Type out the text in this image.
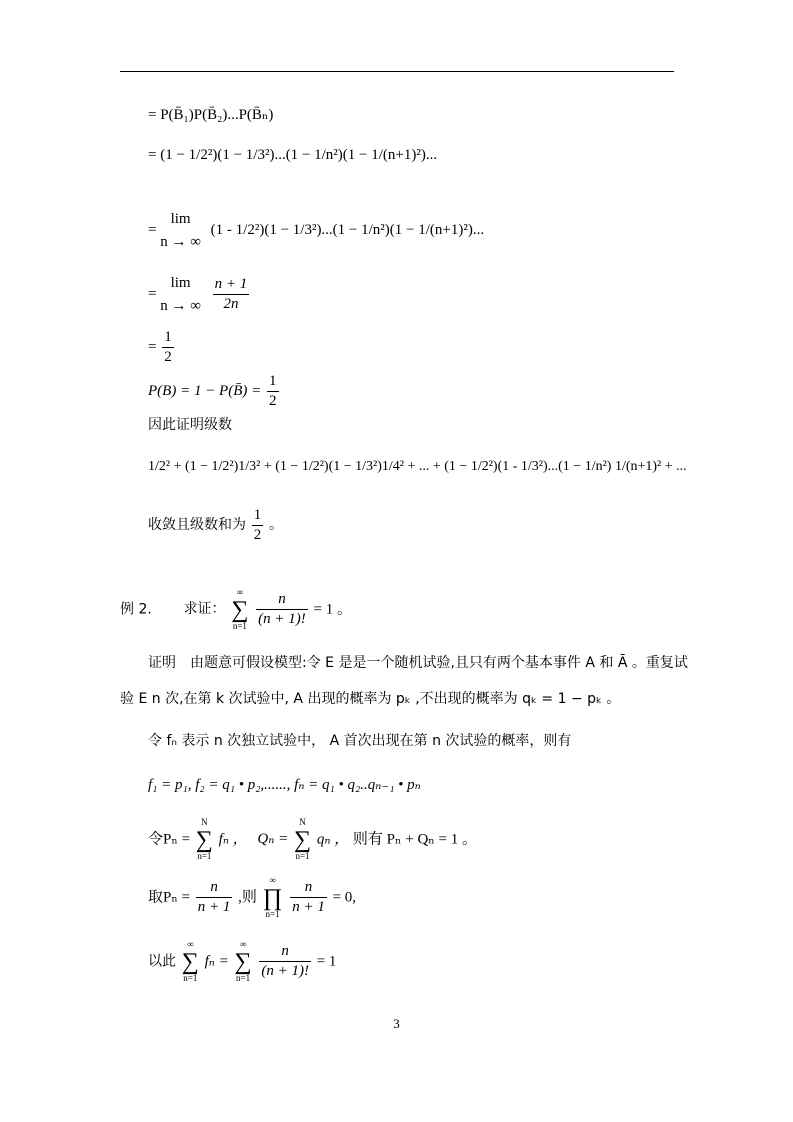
= P(B̄₁)P(B̄₂)...P(B̄ₙ)
= (1 − 1/2²)(1 − 1/3²)...(1 − 1/n²)(1 − 1/(n+1)²)...
=
lim
n → ∞
(1 - 1/2²)(1 − 1/3²)...(1 − 1/n²)(1 − 1/(n+1)²)...
=
lim
n → ∞
$\frac{n + 1}{2n}$
= $\frac{1}{2}$
P(B) = 1 − P(B̄) = $\frac{1}{2}$
因此证明级数
1/2² + (1 − 1/2²)1/3² + (1 − 1/2²)(1 − 1/3²)1/4² + ... + (1 − 1/2²)(1 - 1/3²)...(1 − 1/n²) 1/(n+1)² + ...
收敛且级数和为 $\frac{1}{2}$ 。
例 2. 求证：
∞
∑
n=1
$\frac{n}{(n + 1)!} = 1$ 。
证明　由题意可假设模型:令 E 是是一个随机试验,且只有两个基本事件 A 和 Ā 。重复试
验 E n 次,在第 k 次试验中, A 出现的概率为 pₖ ,不出现的概率为 qₖ = 1 − pₖ 。
令 fₙ 表示 n 次独立试验中， A 首次出现在第 n 次试验的概率，则有
f₁ = p₁, f₂ = q₁ • p₂,......, fₙ = q₁ • q₂..qₙ₋₁ • pₙ
令Pₙ =
N
∑
n=1
fₙ ， Qₙ =
N
∑
n=1
qₙ ， 则有 Pₙ + Qₙ = 1 。
取$P_n = \frac{n}{n + 1}$ ,则
∞
∏
n=1
$\frac{n}{n + 1} = 0$,
以此
∞
∑
n=1
fₙ =
∞
∑
n=1
$\frac{n}{(n + 1)!} = 1$
3
